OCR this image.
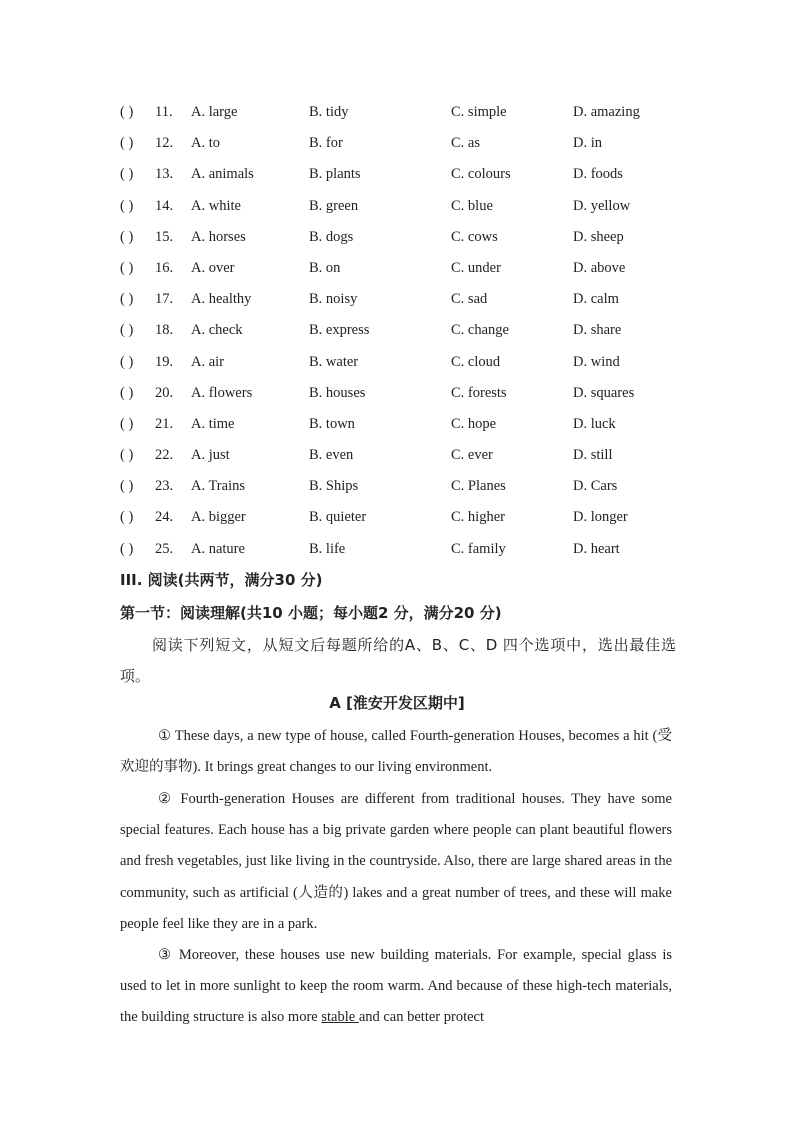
( ) 11. A. large	B. tidy	C. simple	D. amazing
( ) 12. A. to	B. for	C. as	D. in
( ) 13. A. animals	B. plants	C. colours	D. foods
( ) 14. A. white	B. green	C. blue	D. yellow
( ) 15. A. horses	B. dogs	C. cows	D. sheep
( ) 16. A. over	B. on	C. under	D. above
( ) 17. A. healthy	B. noisy	C. sad	D. calm
( ) 18. A. check	B. express	C. change	D. share
( ) 19. A. air	B. water	C. cloud	D. wind
( ) 20. A. flowers	B. houses	C. forests	D. squares
( ) 21. A. time	B. town	C. hope	D. luck
( ) 22. A. just	B. even	C. ever	D. still
( ) 23. A. Trains	B. Ships	C. Planes	D. Cars
( ) 24. A. bigger	B. quieter	C. higher	D. longer
( ) 25. A. nature	B. life	C. family	D. heart
III. 阅读(共两节，满分30 分)
第一节：阅读理解(共10 小题；每小题2 分，满分20 分)
阅读下列短文，从短文后每题所给的A、B、C、D 四个选项中，选出最佳选项。
A [淮安开发区期中]
① These days, a new type of house, called Fourth-generation Houses, becomes a hit (受欢迎的事物). It brings great changes to our living environment.
② Fourth-generation Houses are different from traditional houses. They have some special features. Each house has a big private garden where people can plant beautiful flowers and fresh vegetables, just like living in the countryside. Also, there are large shared areas in the community, such as artificial (人造的) lakes and a great number of trees, and these will make people feel like they are in a park.
③ Moreover, these houses use new building materials. For example, special glass is used to let in more sunlight to keep the room warm. And because of these high-tech materials, the building structure is also more stable and can better protect
